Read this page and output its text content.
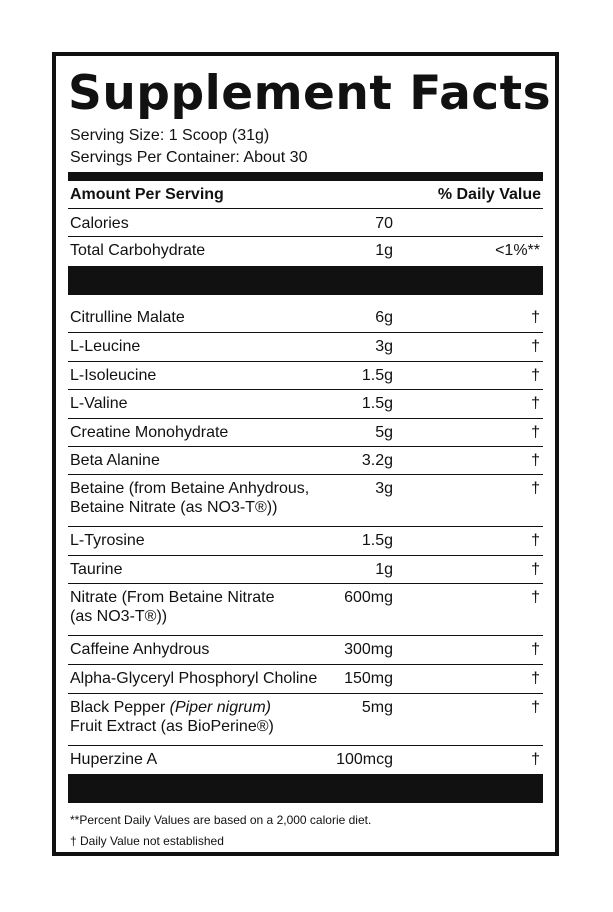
Supplement Facts
Serving Size: 1 Scoop (31g)
Servings Per Container: About 30
Amount Per Serving	% Daily Value
Calories	70
Total Carbohydrate	1g	<1%**
Citrulline Malate	6g	†
L-Leucine	3g	†
L-Isoleucine	1.5g	†
L-Valine	1.5g	†
Creatine Monohydrate	5g	†
Beta Alanine	3.2g	†
Betaine (from Betaine Anhydrous,
Betaine Nitrate (as NO3-T®))
3g	†
L-Tyrosine	1.5g	†
Taurine	1g	†
Nitrate (From Betaine Nitrate
(as NO3-T®))
600mg	†
Caffeine Anhydrous	300mg	†
Alpha-Glyceryl Phosphoryl Choline	150mg	†
Black Pepper (Piper nigrum)
Fruit Extract (as BioPerine®)
5mg	†
Huperzine A	100mcg	†
**Percent Daily Values are based on a 2,000 calorie diet.
† Daily Value not established
